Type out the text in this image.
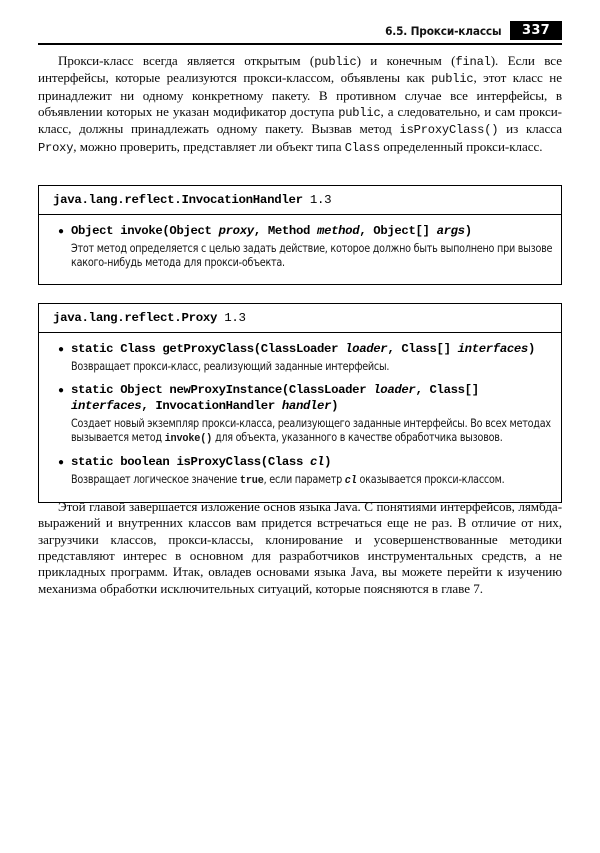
6.5. Прокси-классы	337
Прокси-класс всегда является открытым (public) и конечным (final). Если все интерфейсы, которые реализуются прокси-классом, объявлены как public, этот класс не принадлежит ни одному конкретному пакету. В противном случае все интерфейсы, в объявлении которых не указан модификатор доступа public, а следовательно, и сам прокси-класс, должны принадлежать одному пакету. Вызвав метод isProxyClass() из класса Proxy, можно проверить, представляет ли объект типа Class определенный прокси-класс.
java.lang.reflect.InvocationHandler 1.3
● Object invoke(Object proxy, Method method, Object[] args)
Этот метод определяется с целью задать действие, которое должно быть выполнено при вызове какого-нибудь метода для прокси-объекта.
java.lang.reflect.Proxy 1.3
● static Class getProxyClass(ClassLoader loader, Class[] interfaces)
Возвращает прокси-класс, реализующий заданные интерфейсы.
● static Object newProxyInstance(ClassLoader loader, Class[] interfaces, InvocationHandler handler)
Создает новый экземпляр прокси-класса, реализующего заданные интерфейсы. Во всех методах вызывается метод invoke() для объекта, указанного в качестве обработчика вызовов.
● static boolean isProxyClass(Class cl)
Возвращает логическое значение true, если параметр cl оказывается прокси-классом.
Этой главой завершается изложение основ языка Java. С понятиями интерфейсов, лямбда-выражений и внутренних классов вам придется встречаться еще не раз. В отличие от них, загрузчики классов, прокси-классы, клонирование и усовершенствованные методики представляют интерес в основном для разработчиков инструментальных средств, а не прикладных программ. Итак, овладев основами языка Java, вы можете перейти к изучению механизма обработки исключительных ситуаций, которые поясняются в главе 7.
